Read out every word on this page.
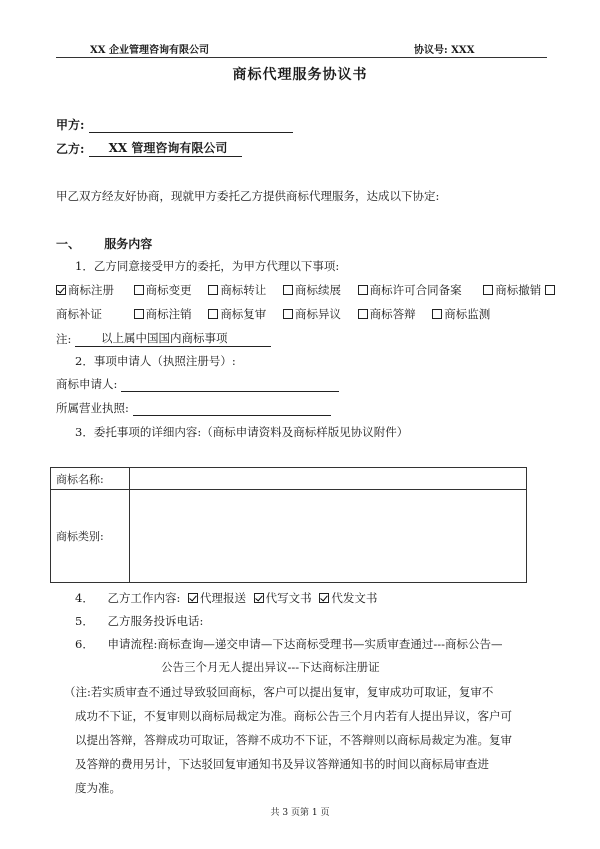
XX 企业管理咨询有限公司	协议号: XXX
商标代理服务协议书
甲方:
乙方: XX 管理咨询有限公司
甲乙双方经友好协商，现就甲方委托乙方提供商标代理服务，达成以下协定:
一、 服务内容
1．乙方同意接受甲方的委托，为甲方代理以下事项:
商标注册	商标变更 商标转让 商标续展 商标许可合同备案	商标撤销
商标补证	商标注销 商标复审 商标异议 商标答辩 商标监测
注:	以上属中国国内商标事项
2．事项申请人（执照注册号）:
商标申请人:
所属营业执照:
3．委托事项的详细内容:（商标申请资料及商标样版见协议附件）
商标名称:	
商标类别:	
4． 乙方工作内容: 代理报送 代写文书 代发文书
5． 乙方服务投诉电话:
6． 申请流程:商标查询—递交申请—下达商标受理书—实质审查通过---商标公告—
公告三个月无人提出异议---下达商标注册证
（注:若实质审查不通过导致驳回商标，客户可以提出复审，复审成功可取证，复审不
成功不下证，不复审则以商标局裁定为准。商标公告三个月内若有人提出异议，客户可
以提出答辩，答辩成功可取证，答辩不成功不下证，不答辩则以商标局裁定为准。复审
及答辩的费用另计，下达驳回复审通知书及异议答辩通知书的时间以商标局审查进
度为准。
共 3 页第 1 页
